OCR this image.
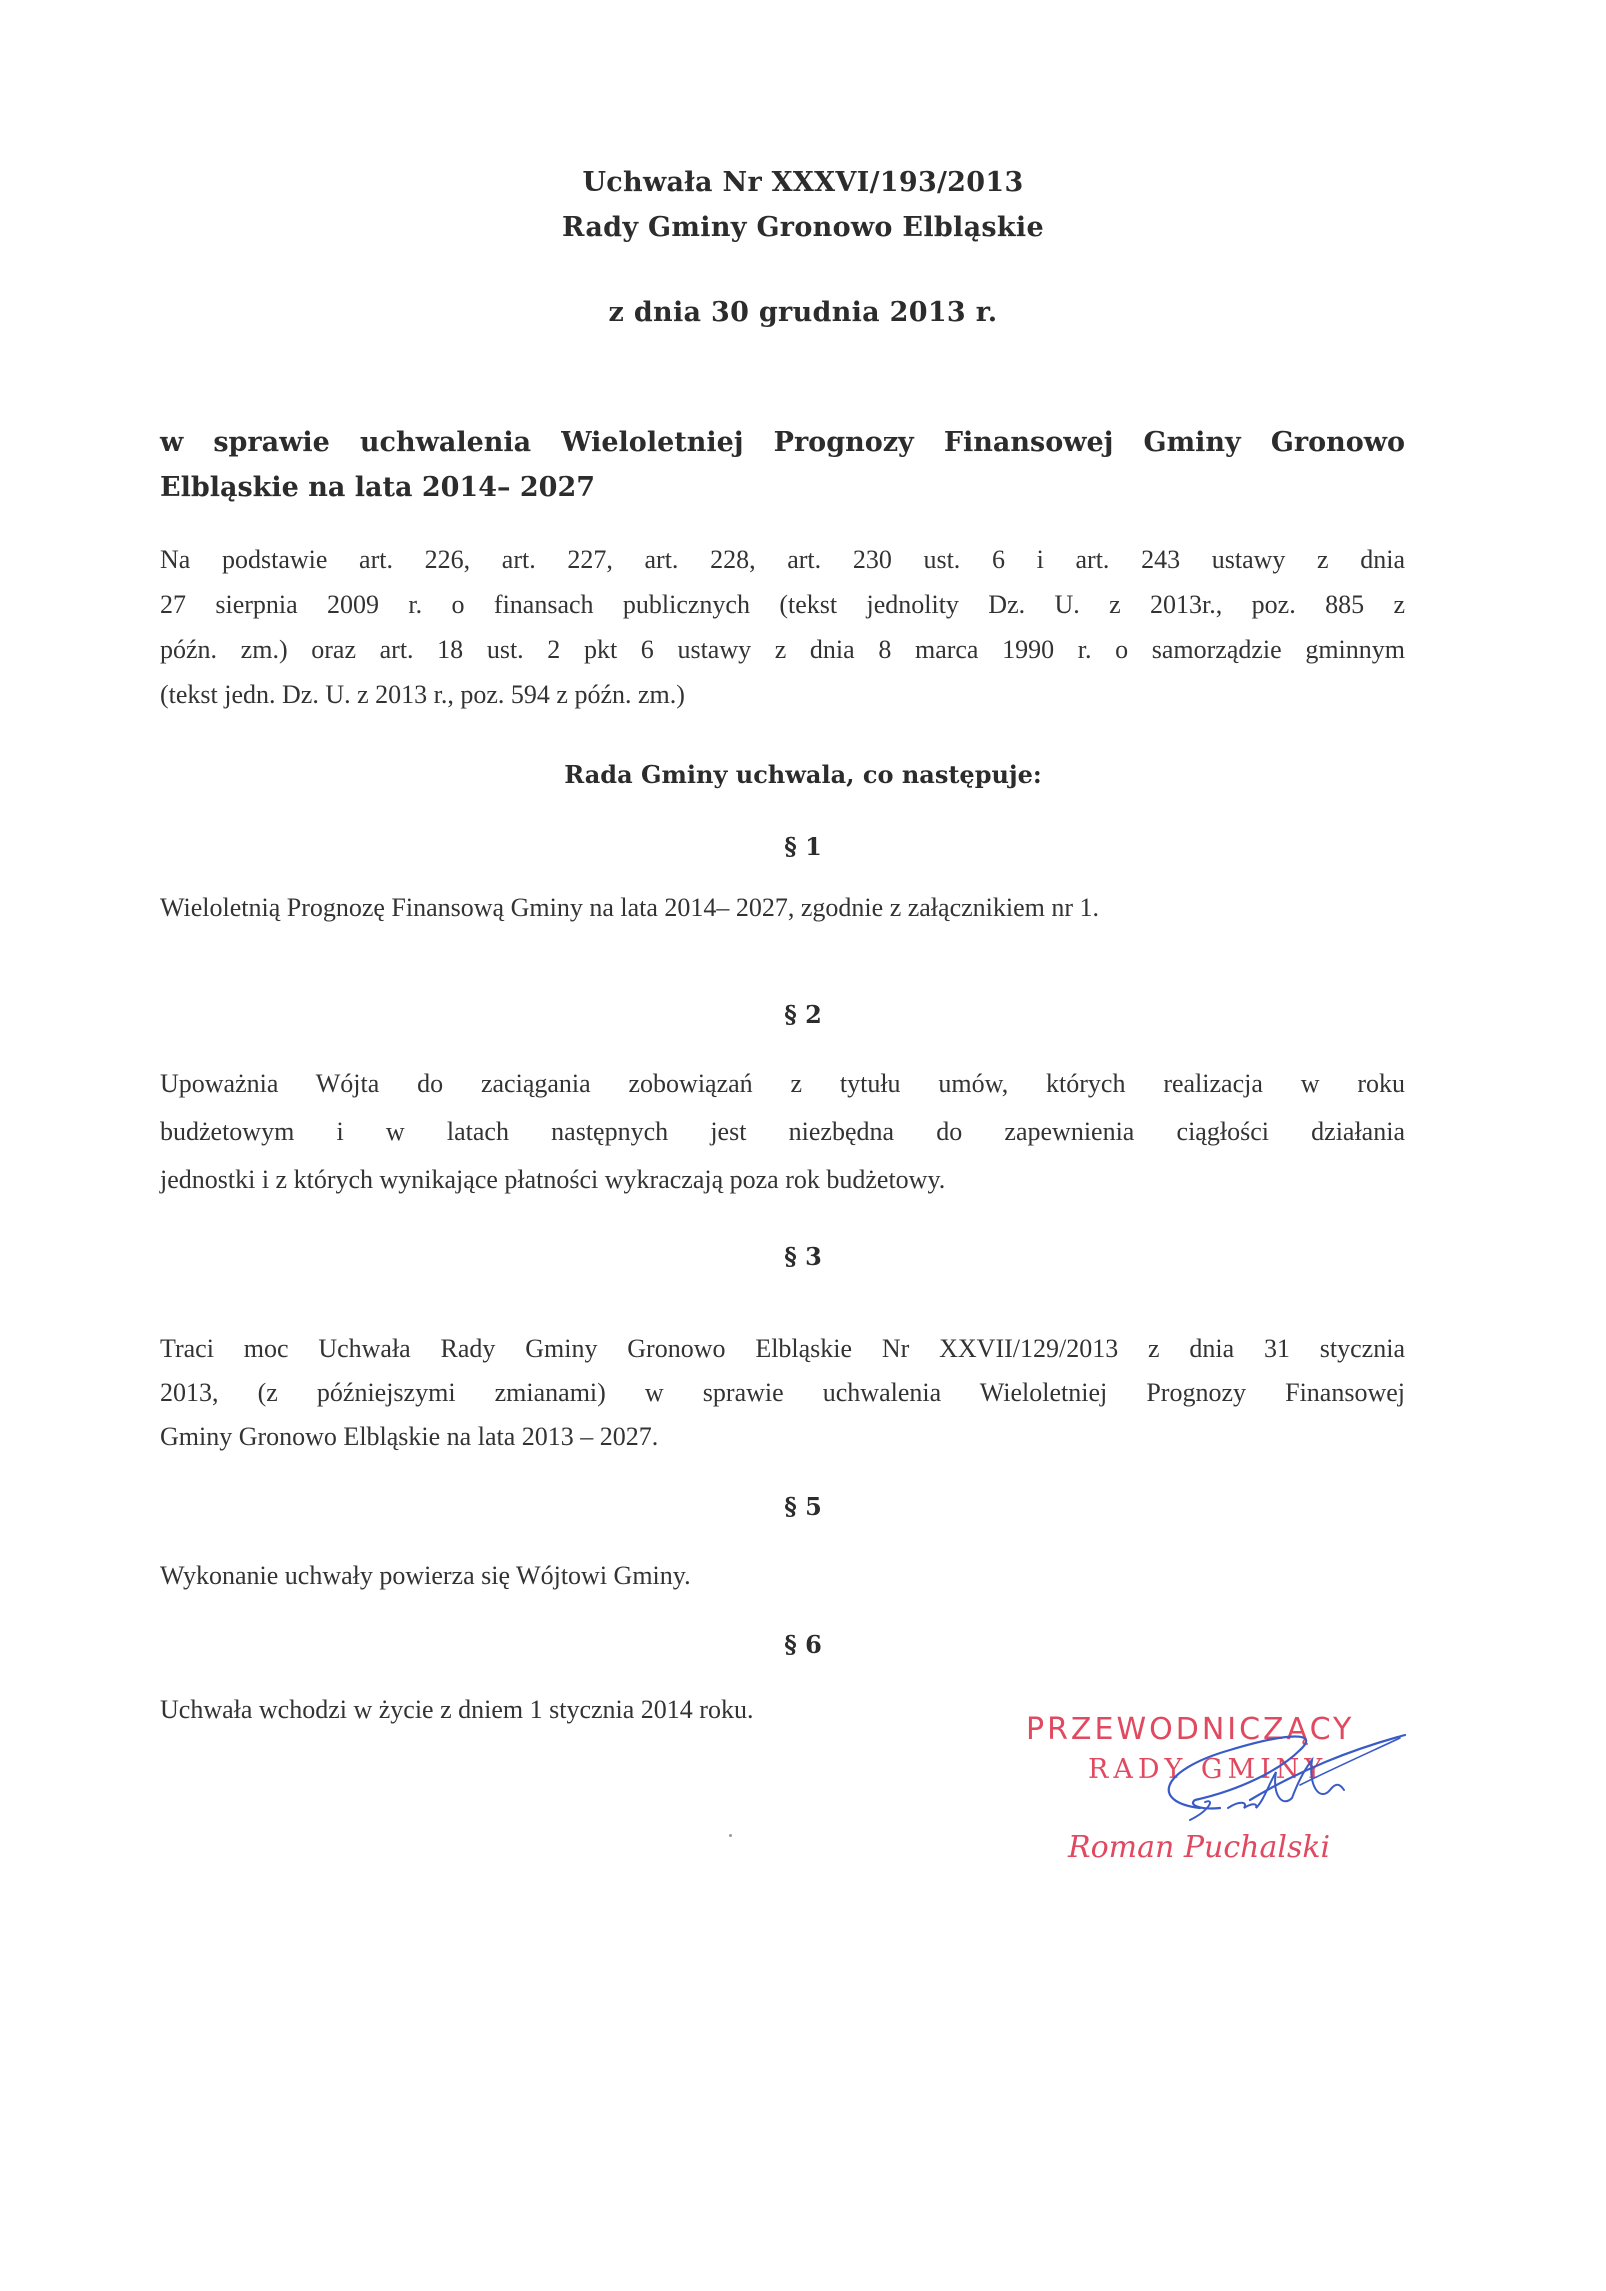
Uchwała Nr XXXVI/193/2013
Rady Gminy Gronowo Elbląskie
z dnia 30 grudnia 2013 r.
w sprawie uchwalenia Wieloletniej Prognozy Finansowej Gminy Gronowo
Elbląskie na lata 2014– 2027
Na podstawie art. 226, art. 227, art. 228, art. 230 ust. 6 i art. 243 ustawy z dnia
27 sierpnia 2009 r. o finansach publicznych (tekst jednolity Dz. U. z 2013r., poz. 885 z
późn. zm.) oraz art. 18 ust. 2 pkt 6 ustawy z dnia 8 marca 1990 r. o samorządzie gminnym
(tekst jedn. Dz. U. z 2013 r., poz. 594 z późn. zm.)
Rada Gminy uchwala, co następuje:
§ 1
Wieloletnią Prognozę Finansową Gminy na lata 2014– 2027, zgodnie z załącznikiem nr 1.
§ 2
Upoważnia Wójta do zaciągania zobowiązań z tytułu umów, których realizacja w roku
budżetowym i w latach następnych jest niezbędna do zapewnienia ciągłości działania
jednostki i z których wynikające płatności wykraczają poza rok budżetowy.
§ 3
Traci moc Uchwała Rady Gminy Gronowo Elbląskie Nr XXVII/129/2013 z dnia 31 stycznia
2013, (z późniejszymi zmianami) w sprawie uchwalenia Wieloletniej Prognozy Finansowej
Gminy Gronowo Elbląskie na lata 2013 – 2027.
§ 5
Wykonanie uchwały powierza się Wójtowi Gminy.
§ 6
Uchwała wchodzi w życie z dniem 1 stycznia 2014 roku.
PRZEWODNICZĄCY
RADY GMINY
Roman Puchalski
